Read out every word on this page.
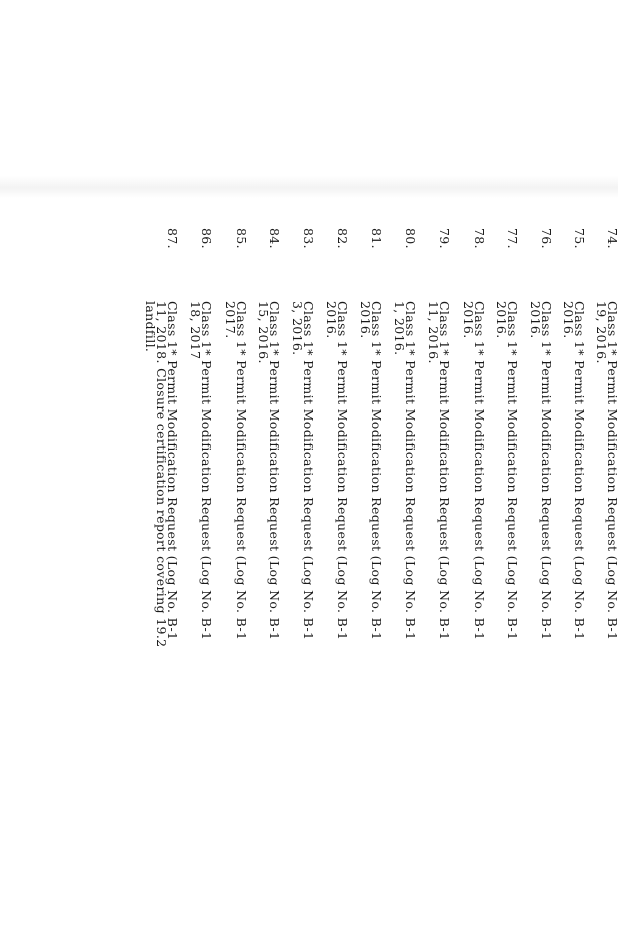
74.
Class 1* Permit Modification Request (Log No. B-1
19, 2016.
75.
Class 1* Permit Modification Request (Log No. B-1
2016.
76.
Class 1* Permit Modification Request (Log No. B-1
2016.
77.
Class 1* Permit Modification Request (Log No. B-1
2016.
78.
Class 1* Permit Modification Request (Log No. B-1
2016.
79.
Class 1* Permit Modification Request (Log No. B-1
11, 2016.
80.
Class 1* Permit Modification Request (Log No. B-1
1, 2016.
81.
Class 1* Permit Modification Request (Log No. B-1
2016.
82.
Class 1* Permit Modification Request (Log No. B-1
2016.
83.
Class 1* Permit Modification Request (Log No. B-1
3, 2016.
84.
Class 1* Permit Modification Request (Log No. B-1
15, 2016.
85.
Class 1* Permit Modification Request (Log No. B-1
2017.
86.
Class 1* Permit Modification Request (Log No. B-1
18, 2017
87.
Class 1* Permit Modification Request (Log No. B-1
11, 2018. Closure certification report covering 19.2
landfill.
